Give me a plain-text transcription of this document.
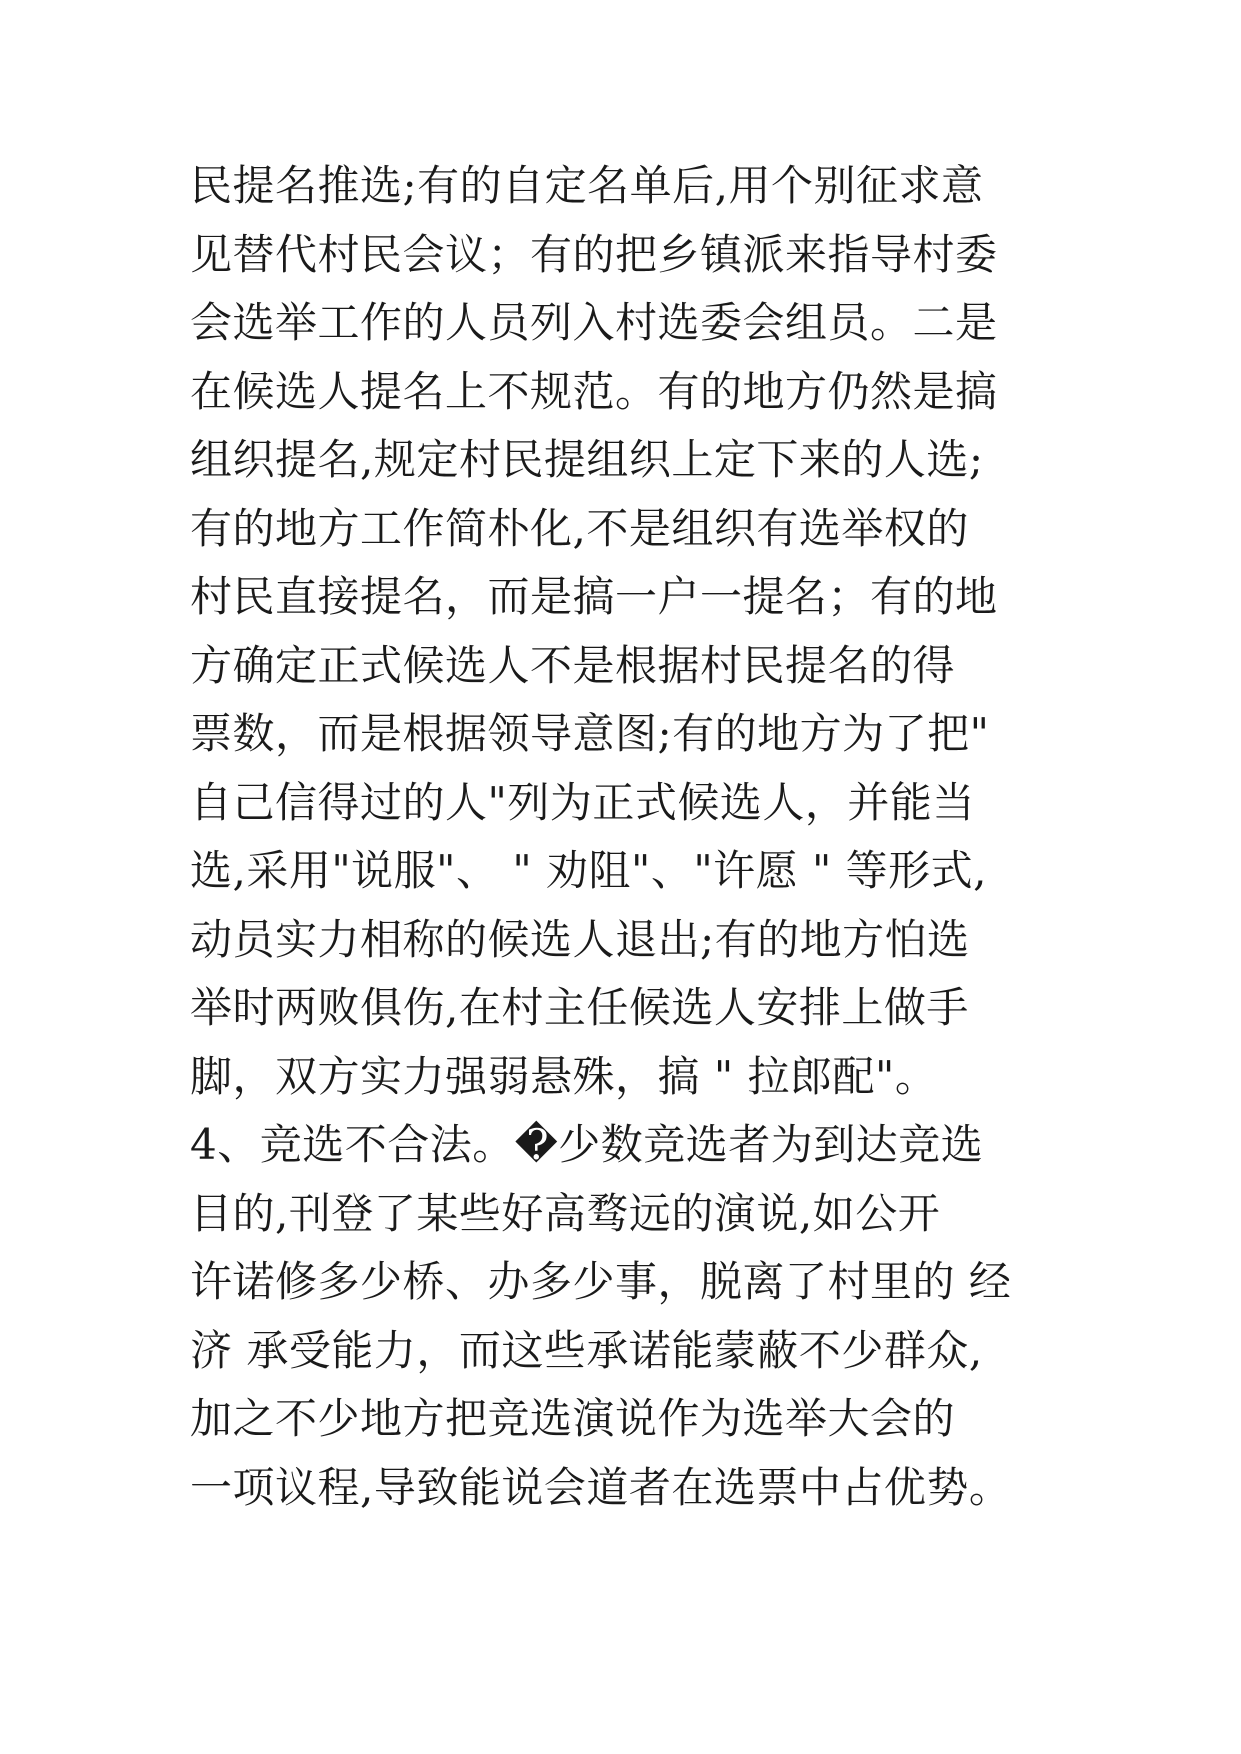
民提名推选;有的自定名单后,用个别征求意
见替代村民会议；有的把乡镇派来指导村委
会选举工作的人员列入村选委会组员。二是
在候选人提名上不规范。有的地方仍然是搞
组织提名,规定村民提组织上定下来的人选;
有的地方工作简朴化,不是组织有选举权的
村民直接提名，而是搞一户一提名；有的地
方确定正式候选人不是根据村民提名的得
票数，而是根据领导意图;有的地方为了把"
自己信得过的人"列为正式候选人，并能当
选,采用"说服"、 " 劝阻"、"许愿 " 等形式,
动员实力相称的候选人退出;有的地方怕选
举时两败俱伤,在村主任候选人安排上做手
脚，双方实力强弱悬殊，搞 " 拉郎配"。
4、竞选不合法。�少数竞选者为到达竞选
目的,刊登了某些好高骛远的演说,如公开
许诺修多少桥、办多少事，脱离了村里的 经
济 承受能力，而这些承诺能蒙蔽不少群众,
加之不少地方把竞选演说作为选举大会的
一项议程,导致能说会道者在选票中占优势。
